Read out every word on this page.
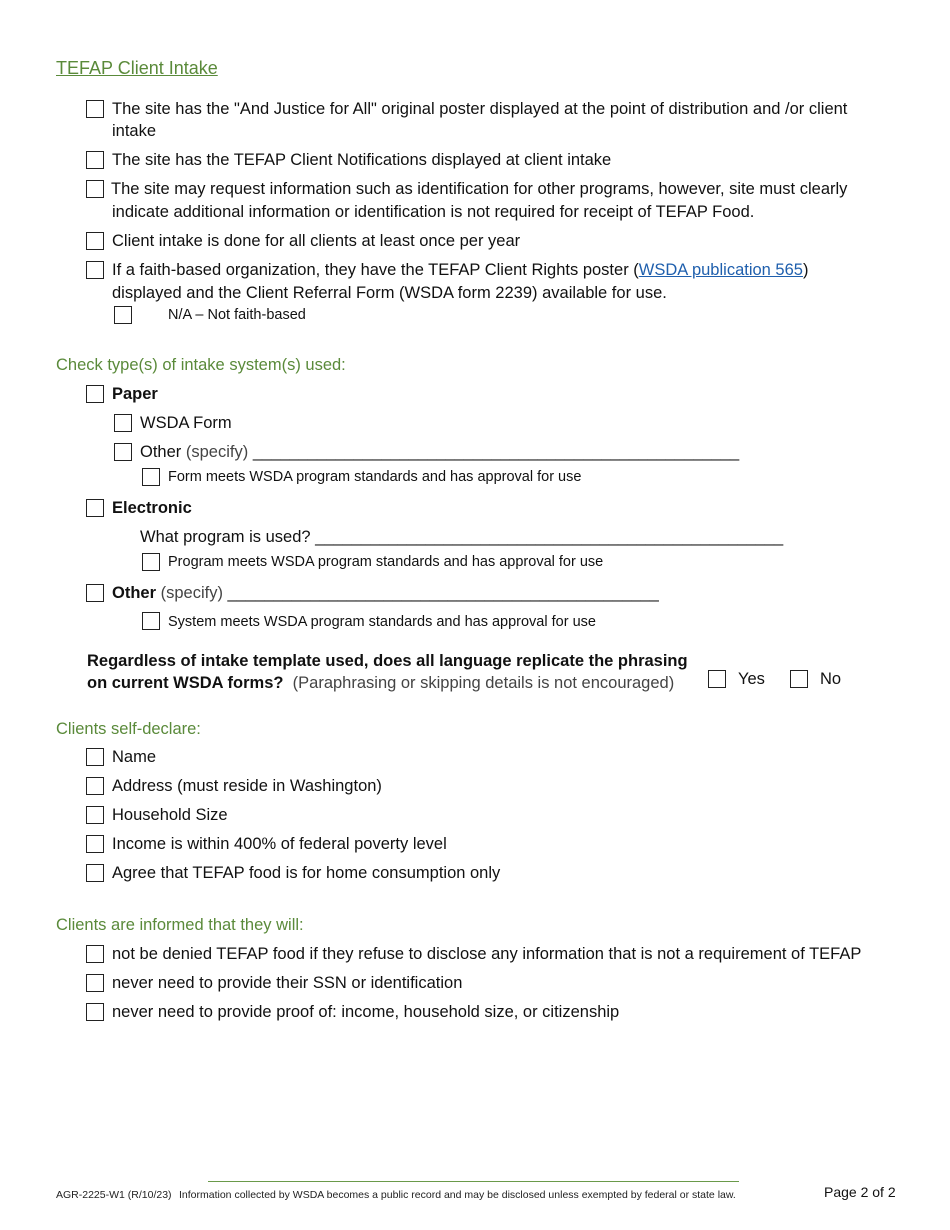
TEFAP Client Intake
The site has the "And Justice for All" original poster displayed at the point of distribution and /or client
intake
The site has the TEFAP Client Notifications displayed at client intake
The site may request information such as identification for other programs, however, site must clearly
indicate additional information or identification is not required for receipt of TEFAP Food.
Client intake is done for all clients at least once per year
If a faith-based organization, they have the TEFAP Client Rights poster (WSDA publication 565)
displayed and the Client Referral Form (WSDA form 2239) available for use.
N/A – Not faith-based
Check type(s) of intake system(s) used:
Paper
WSDA Form
Other (specify) _____________________________________________________
Form meets WSDA program standards and has approval for use
Electronic
What program is used? ___________________________________________________
Program meets WSDA program standards and has approval for use
Other (specify) _______________________________________________
System meets WSDA program standards and has approval for use
Regardless of intake template used, does all language replicate the phrasing
on current WSDA forms? (Paraphrasing or skipping details is not encouraged)	Yes	No
Clients self-declare:
Name
Address (must reside in Washington)
Household Size
Income is within 400% of federal poverty level
Agree that TEFAP food is for home consumption only
Clients are informed that they will:
not be denied TEFAP food if they refuse to disclose any information that is not a requirement of TEFAP
never need to provide their SSN or identification
never need to provide proof of: income, household size, or citizenship
AGR-2225-W1 (R/10/23) Information collected by WSDA becomes a public record and may be disclosed unless exempted by federal or state law.	Page 2 of 2
